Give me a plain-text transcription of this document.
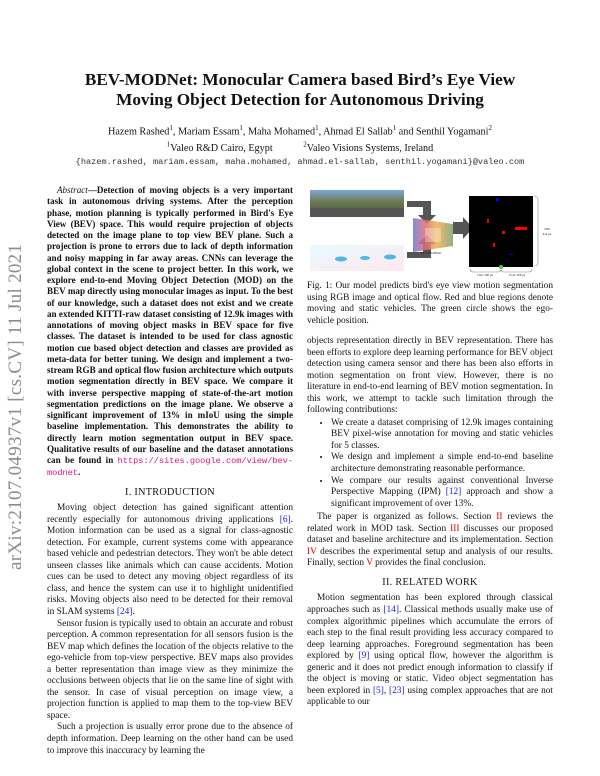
arXiv:2107.04937v1 [cs.CV] 11 Jul 2021
BEV-MODNet: Monocular Camera based Bird’s Eye View
Moving Object Detection for Autonomous Driving
Hazem Rashed$^1$, Mariam Essam$^1$, Maha Mohamed$^1$, Ahmad El Sallab$^1$ and Senthil Yogamani$^2$
$^1$Valeo R&D Cairo, Egypt	$^2$Valeo Visions Systems, Ireland
{hazem.rashed, mariam.essam, maha.mohamed, ahmad.el-sallab, senthil.yogamani}@valeo.com

Abstract—Detection of moving objects is a very important task in autonomous driving systems. After the perception phase, motion planning is typically performed in Bird's Eye View (BEV) space. This would require projection of objects detected on the image plane to top view BEV plane. Such a projection is prone to errors due to lack of depth information and noisy mapping in far away areas. CNNs can leverage the global context in the scene to project better. In this work, we explore end-to-end Moving Object Detection (MOD) on the BEV map directly using monocular images as input. To the best of our knowledge, such a dataset does not exist and we create an extended KITTI-raw dataset consisting of 12.9k images with annotations of moving object masks in BEV space for five classes. The dataset is intended to be used for class agnostic motion cue based object detection and classes are provided as meta-data for better tuning. We design and implement a two-stream RGB and optical flow fusion architecture which outputs motion segmentation directly in BEV space. We compare it with inverse perspective mapping of state-of-the-art motion segmentation predictions on the image plane. We observe a significant improvement of 13% in mIoU using the simple baseline implementation. This demonstrates the ability to directly learn motion segmentation output in BEV space. Qualitative results of our baseline and the dataset annotations can be found in https://sites.google.com/view/bev-modnet.

I. INTRODUCTION

Moving object detection has gained significant attention recently especially for autonomous driving applications [6]. Motion information can be used as a signal for class-agnostic detection. For example, current systems come with appearance based vehicle and pedestrian detectors. They won't be able detect unseen classes like animals which can cause accidents. Motion cues can be used to detect any moving object regardless of its class, and hence the system can use it to highlight unidentified risks. Moving objects also need to be detected for their removal in SLAM systems [24].

Sensor fusion is typically used to obtain an accurate and robust perception. A common representation for all sensors fusion is the BEV map which defines the location of the objects relative to the ego-vehicle from top-view perspective. BEV maps also provides a better representation than image view as they minimize the occlusions between objects that lie on the same line of sight with the sensor. In case of visual perception on image view, a projection function is applied to map them to the top-view BEV space.

Such a projection is usually error prone due to the absence of depth information. Deep learning on the other hand can be used to improve this inaccuracy by learning the

BEV-MODNet
30m 416 px
15m, 208 px	15 m, 208 px
Fig. 1: Our model predicts bird's eye view motion segmentation using RGB image and optical flow. Red and blue regions denote moving and static vehicles. The green circle shows the ego-vehicle position.

objects representation directly in BEV representation. There has been efforts to explore deep learning performance for BEV object detection using camera sensor and there has been also efforts in motion segmentation on front view. However, there is no literature in end-to-end learning of BEV motion segmentation. In this work, we attempt to tackle such limitation through the following contributions:

• We create a dataset comprising of 12.9k images containing BEV pixel-wise annotation for moving and static vehicles for 5 classes.
• We design and implement a simple end-to-end baseline architecture demonstrating reasonable performance.
• We compare our results against conventional Inverse Perspective Mapping (IPM) [12] approach and show a significant improvement of over 13%.

The paper is organized as follows. Section II reviews the related work in MOD task. Section III discusses our proposed dataset and baseline architecture and its implementation. Section IV describes the experimental setup and analysis of our results. Finally, section V provides the final conclusion.

II. RELATED WORK

Motion segmentation has been explored through classical approaches such as [14]. Classical methods usually make use of complex algorithmic pipelines which accumulate the errors of each step to the final result providing less accuracy compared to deep learning approaches. Foreground segmentation has been explored by [9] using optical flow, however the algorithm is generic and it does not predict enough information to classify if the object is moving or static. Video object segmentation has been explored in [5], [23] using complex approaches that are not applicable to our
